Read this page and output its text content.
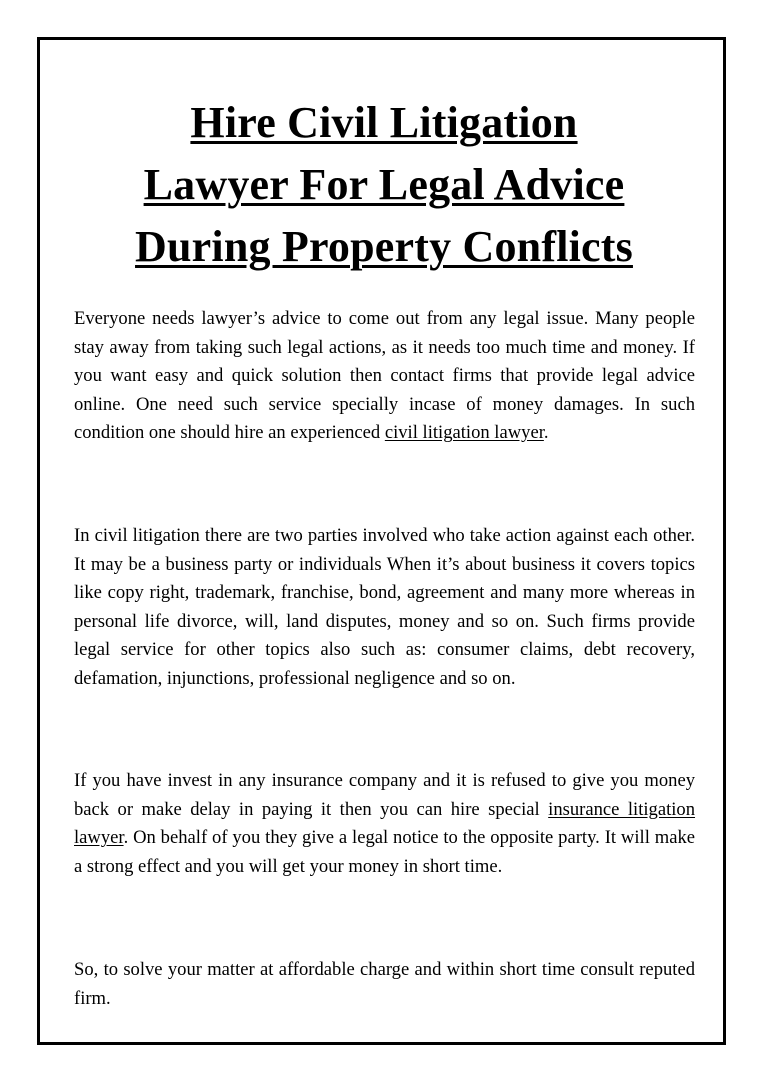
Hire Civil Litigation
Lawyer For Legal Advice
During Property Conflicts

Everyone needs lawyer’s advice to come out from any legal issue. Many people stay away from taking such legal actions, as it needs too much time and money. If you want easy and quick solution then contact firms that provide legal advice online. One need such service specially incase of money damages. In such condition one should hire an experienced civil litigation lawyer.

In civil litigation there are two parties involved who take action against each other. It may be a business party or individuals When it’s about business it covers topics like copy right, trademark, franchise, bond, agreement and many more whereas in personal life divorce, will, land disputes, money and so on. Such firms provide legal service for other topics also such as: consumer claims, debt recovery, defamation, injunctions, professional negligence and so on.

If you have invest in any insurance company and it is refused to give you money back or make delay in paying it then you can hire special insurance litigation lawyer. On behalf of you they give a legal notice to the opposite party. It will make a strong effect and you will get your money in short time.

So, to solve your matter at affordable charge and within short time consult reputed firm.
